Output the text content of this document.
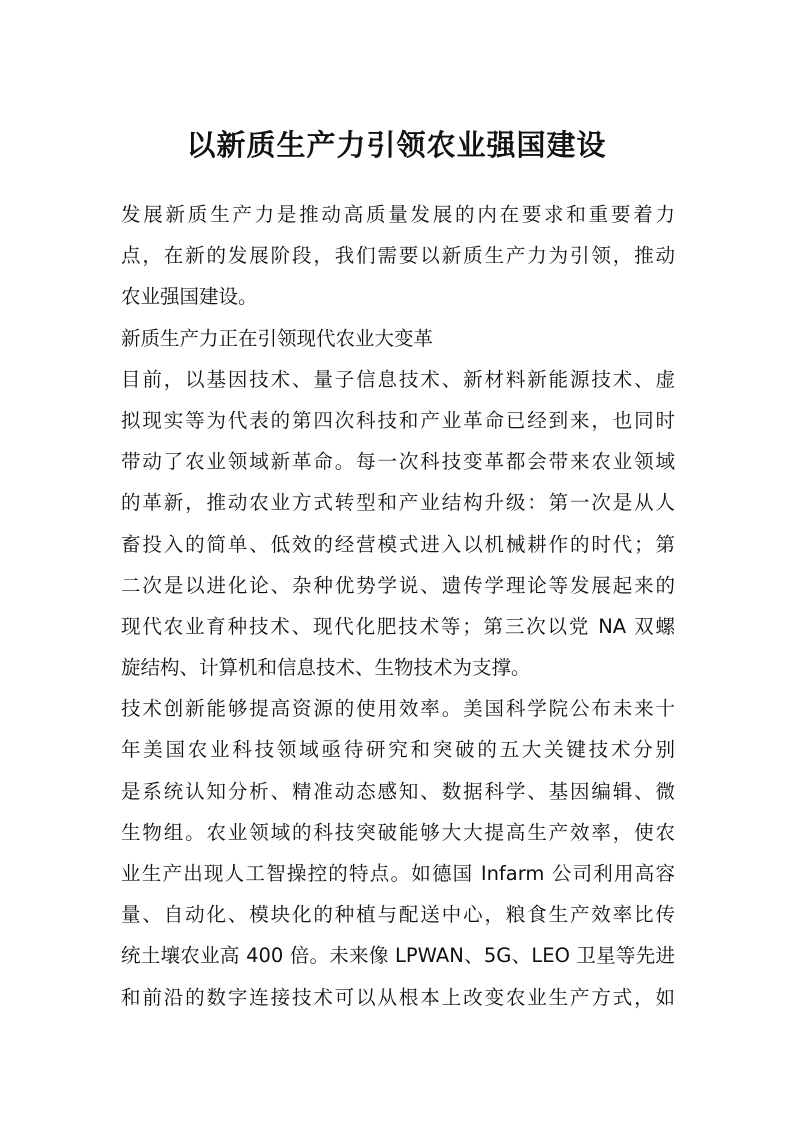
以新质生产力引领农业强国建设
发展新质生产力是推动高质量发展的内在要求和重要着力
点，在新的发展阶段，我们需要以新质生产力为引领，推动
农业强国建设。
新质生产力正在引领现代农业大变革
目前，以基因技术、量子信息技术、新材料新能源技术、虚
拟现实等为代表的第四次科技和产业革命已经到来，也同时
带动了农业领域新革命。每一次科技变革都会带来农业领域
的革新，推动农业方式转型和产业结构升级：第一次是从人
畜投入的简单、低效的经营模式进入以机械耕作的时代；第
二次是以进化论、杂种优势学说、遗传学理论等发展起来的
现代农业育种技术、现代化肥技术等；第三次以党 NA 双螺
旋结构、计算机和信息技术、生物技术为支撑。
技术创新能够提高资源的使用效率。美国科学院公布未来十
年美国农业科技领域亟待研究和突破的五大关键技术分别
是系统认知分析、精准动态感知、数据科学、基因编辑、微
生物组。农业领域的科技突破能够大大提高生产效率，使农
业生产出现人工智操控的特点。如德国 Infarm 公司利用高容
量、自动化、模块化的种植与配送中心，粮食生产效率比传
统土壤农业高 400 倍。未来像 LPWAN、5G、LEO 卫星等先进
和前沿的数字连接技术可以从根本上改变农业生产方式，如
